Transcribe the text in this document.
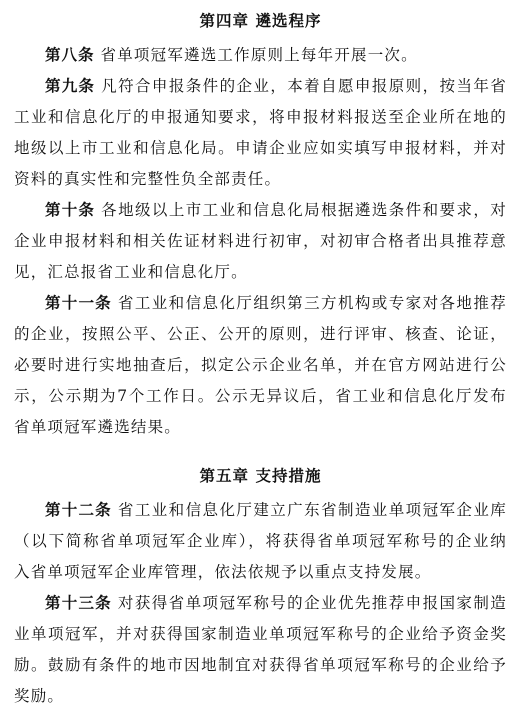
第四章 遴选程序

第八条 省单项冠军遴选工作原则上每年开展一次。

第九条 凡符合申报条件的企业，本着自愿申报原则，按当年省工业和信息化厅的申报通知要求，将申报材料报送至企业所在地的地级以上市工业和信息化局。申请企业应如实填写申报材料，并对资料的真实性和完整性负全部责任。

第十条 各地级以上市工业和信息化局根据遴选条件和要求，对企业申报材料和相关佐证材料进行初审，对初审合格者出具推荐意见，汇总报省工业和信息化厅。

第十一条 省工业和信息化厅组织第三方机构或专家对各地推荐的企业，按照公平、公正、公开的原则，进行评审、核查、论证，必要时进行实地抽查后，拟定公示企业名单，并在官方网站进行公示，公示期为7个工作日。公示无异议后，省工业和信息化厅发布省单项冠军遴选结果。

第五章 支持措施

第十二条 省工业和信息化厅建立广东省制造业单项冠军企业库（以下简称省单项冠军企业库），将获得省单项冠军称号的企业纳入省单项冠军企业库管理，依法依规予以重点支持发展。

第十三条 对获得省单项冠军称号的企业优先推荐申报国家制造业单项冠军，并对获得国家制造业单项冠军称号的企业给予资金奖励。鼓励有条件的地市因地制宜对获得省单项冠军称号的企业给予奖励。
